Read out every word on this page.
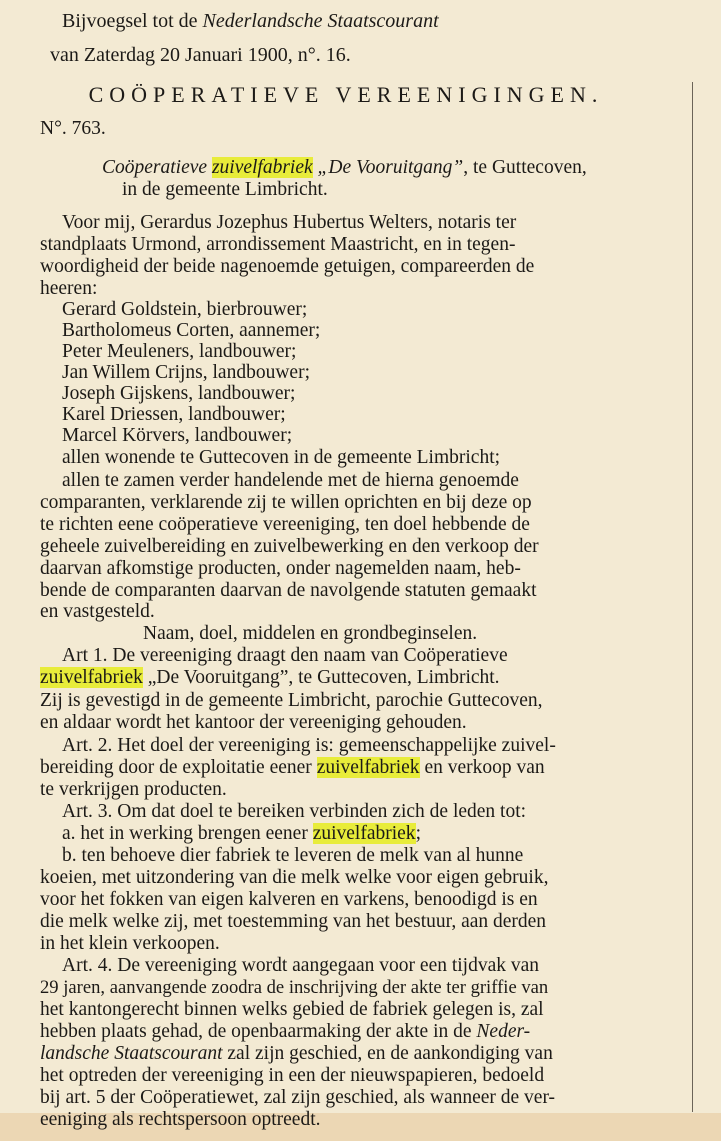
Bijvoegsel tot de Nederlandsche Staatscourant
van Zaterdag 20 Januari 1900, n°. 16.
COÖPERATIEVE VEREENIGINGEN.
N°. 763.
Coöperatieve zuivelfabriek „De Vooruitgang”, te Guttecoven,
in de gemeente Limbricht.
Voor mij, Gerardus Jozephus Hubertus Welters, notaris ter
standplaats Urmond, arrondissement Maastricht, en in tegen-
woordigheid der beide nagenoemde getuigen, compareerden de
heeren:
Gerard Goldstein, bierbrouwer;
Bartholomeus Corten, aannemer;
Peter Meuleners, landbouwer;
Jan Willem Crijns, landbouwer;
Joseph Gijskens, landbouwer;
Karel Driessen, landbouwer;
Marcel Körvers, landbouwer;
allen wonende te Guttecoven in de gemeente Limbricht;
allen te zamen verder handelende met de hierna genoemde
comparanten, verklarende zij te willen oprichten en bij deze op
te richten eene coöperatieve vereeniging, ten doel hebbende de
geheele zuivelbereiding en zuivelbewerking en den verkoop der
daarvan afkomstige producten, onder nagemelden naam, heb-
bende de comparanten daarvan de navolgende statuten gemaakt
en vastgesteld.
Naam, doel, middelen en grondbeginselen.
Art 1. De vereeniging draagt den naam van Coöperatieve
zuivelfabriek „De Vooruitgang”, te Guttecoven, Limbricht.
Zij is gevestigd in de gemeente Limbricht, parochie Guttecoven,
en aldaar wordt het kantoor der vereeniging gehouden.
Art. 2. Het doel der vereeniging is: gemeenschappelijke zuivel-
bereiding door de exploitatie eener zuivelfabriek en verkoop van
te verkrijgen producten.
Art. 3. Om dat doel te bereiken verbinden zich de leden tot:
a. het in werking brengen eener zuivelfabriek;
b. ten behoeve dier fabriek te leveren de melk van al hunne
koeien, met uitzondering van die melk welke voor eigen gebruik,
voor het fokken van eigen kalveren en varkens, benoodigd is en
die melk welke zij, met toestemming van het bestuur, aan derden
in het klein verkoopen.
Art. 4. De vereeniging wordt aangegaan voor een tijdvak van
29 jaren, aanvangende zoodra de inschrijving der akte ter griffie van
het kantongerecht binnen welks gebied de fabriek gelegen is, zal
hebben plaats gehad, de openbaarmaking der akte in de Neder-
landsche Staatscourant zal zijn geschied, en de aankondiging van
het optreden der vereeniging in een der nieuwspapieren, bedoeld
bij art. 5 der Coöperatiewet, zal zijn geschied, als wanneer de ver-
eeniging als rechtspersoon optreedt.
